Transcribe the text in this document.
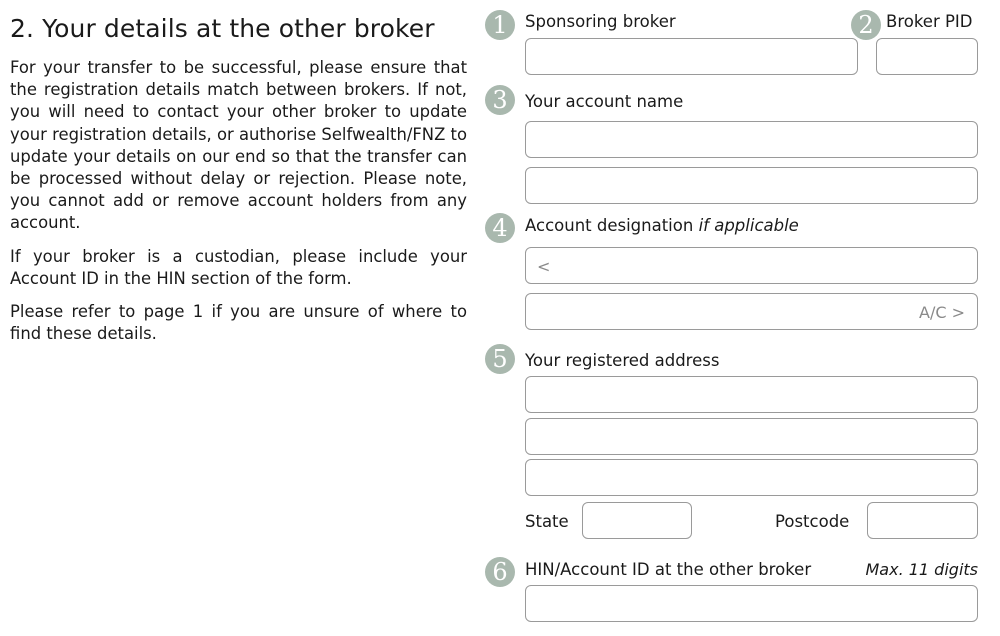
2. Your details at the other broker

For your transfer to be successful, please ensure that the registration details match between brokers. If not, you will need to contact your other broker to update your registration details, or authorise Selfwealth/FNZ to update your details on our end so that the transfer can be processed without delay or rejection. Please note, you cannot add or remove account holders from any account.

If your broker is a custodian, please include your Account ID in the HIN section of the form.

Please refer to page 1 if you are unsure of where to find these details.

1	Sponsoring broker	2 Broker PID
3	Your account name
4	Account designation if applicable
<
A/C >
5	Your registered address
State	Postcode
6	HIN/Account ID at the other broker	Max. 11 digits
